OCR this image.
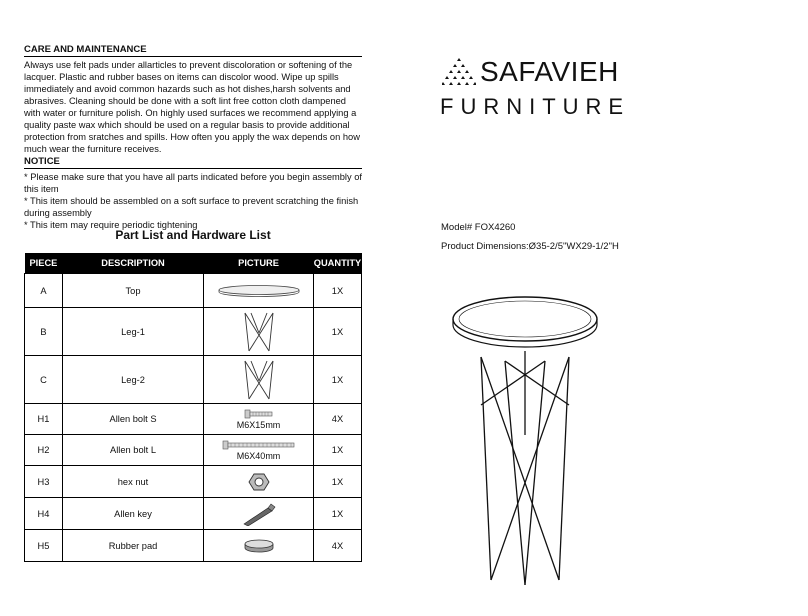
CARE AND MAINTENANCE
Always use felt pads under allarticles to prevent discoloration or softening of the lacquer. Plastic and rubber bases on items can discolor wood. Wipe up spills immediately and avoid common hazards such as hot dishes,harsh solvents and abrasives. Cleaning should be done with a soft lint free cotton cloth dampened with water or furniture polish. On highly used surfaces we recommend applying a quality paste wax which should be used on a regular basis to provide additional protection from sratches and spills. How often you apply the wax depends on how much wear the furniture receives.
NOTICE
* Please make sure that you have all parts indicated before you begin assembly of this item
* This item should be assembled on a soft surface to prevent scratching the finish during assembly
* This item may require periodic tightening
Part List and Hardware List
PIECE	DESCRIPTION	PICTURE	QUANTITY
A	Top		1X
B	Leg-1		1X
C	Leg-2		1X
H1	Allen bolt S	M6X15mm	4X
H2	Allen bolt L	M6X40mm	1X
H3	hex nut		1X
H4	Allen key		1X
H5	Rubber pad		4X
SAFAVIEH
FURNITURE
Model# FOX4260
Product Dimensions:Ø35-2/5"WX29-1/2"H
